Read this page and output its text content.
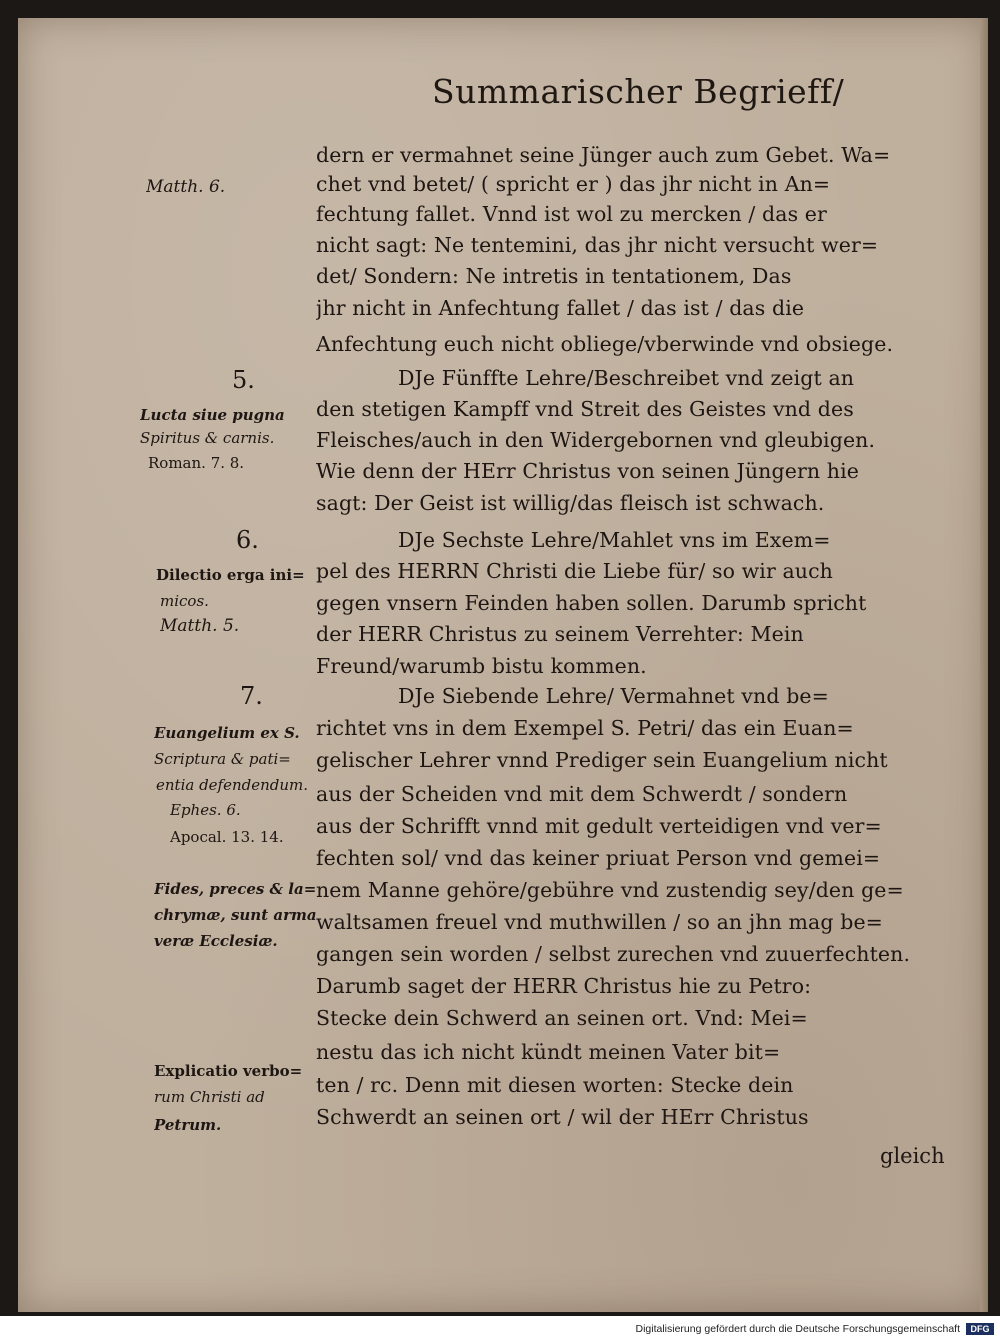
Summarischer Begrieff/
dern er vermahnet seine Jünger auch zum Gebet. Wa=
chet vnd betet/ ( spricht er ) das jhr nicht in An=
fechtung fallet. Vnnd ist wol zu mercken / das er
nicht sagt: Ne tentemini, das jhr nicht versucht wer=
det/ Sondern: Ne intretis in tentationem, Das
jhr nicht in Anfechtung fallet / das ist / das die
Anfechtung euch nicht obliege/vberwinde vnd obsiege.
DJe Fünffte Lehre/Beschreibet vnd zeigt an
den stetigen Kampff vnd Streit des Geistes vnd des
Fleisches/auch in den Widergebornen vnd gleubigen.
Wie denn der HErr Christus von seinen Jüngern hie
sagt: Der Geist ist willig/das fleisch ist schwach.
DJe Sechste Lehre/Mahlet vns im Exem=
pel des HERRN Christi die Liebe für/ so wir auch
gegen vnsern Feinden haben sollen. Darumb spricht
der HERR Christus zu seinem Verrehter: Mein
Freund/warumb bistu kommen.
DJe Siebende Lehre/ Vermahnet vnd be=
richtet vns in dem Exempel S. Petri/ das ein Euan=
gelischer Lehrer vnnd Prediger sein Euangelium nicht
aus der Scheiden vnd mit dem Schwerdt / sondern
aus der Schrifft vnnd mit gedult verteidigen vnd ver=
fechten sol/ vnd das keiner priuat Person vnd gemei=
nem Manne gehöre/gebühre vnd zustendig sey/den ge=
waltsamen freuel vnd muthwillen / so an jhn mag be=
gangen sein worden / selbst zurechen vnd zuuerfechten.
Darumb saget der HERR Christus hie zu Petro:
Stecke dein Schwerd an seinen ort. Vnd: Mei=
nestu das ich nicht kündt meinen Vater bit=
ten / rc. Denn mit diesen worten: Stecke dein
Schwerdt an seinen ort / wil der HErr Christus
gleich
Matth. 6.
5.
Lucta siue pugna
Spiritus & carnis.
Roman. 7. 8.
6.
Dilectio erga ini=
micos.
Matth. 5.
7.
Euangelium ex S.
Scriptura & pati=
entia defendendum.
Ephes. 6.
Apocal. 13. 14.
Fides, preces & la=
chrymæ, sunt arma
veræ Ecclesiæ.
Explicatio verbo=
rum Christi ad
Petrum.
Digitalisierung gefördert durch die Deutsche Forschungsgemeinschaft	DFG
